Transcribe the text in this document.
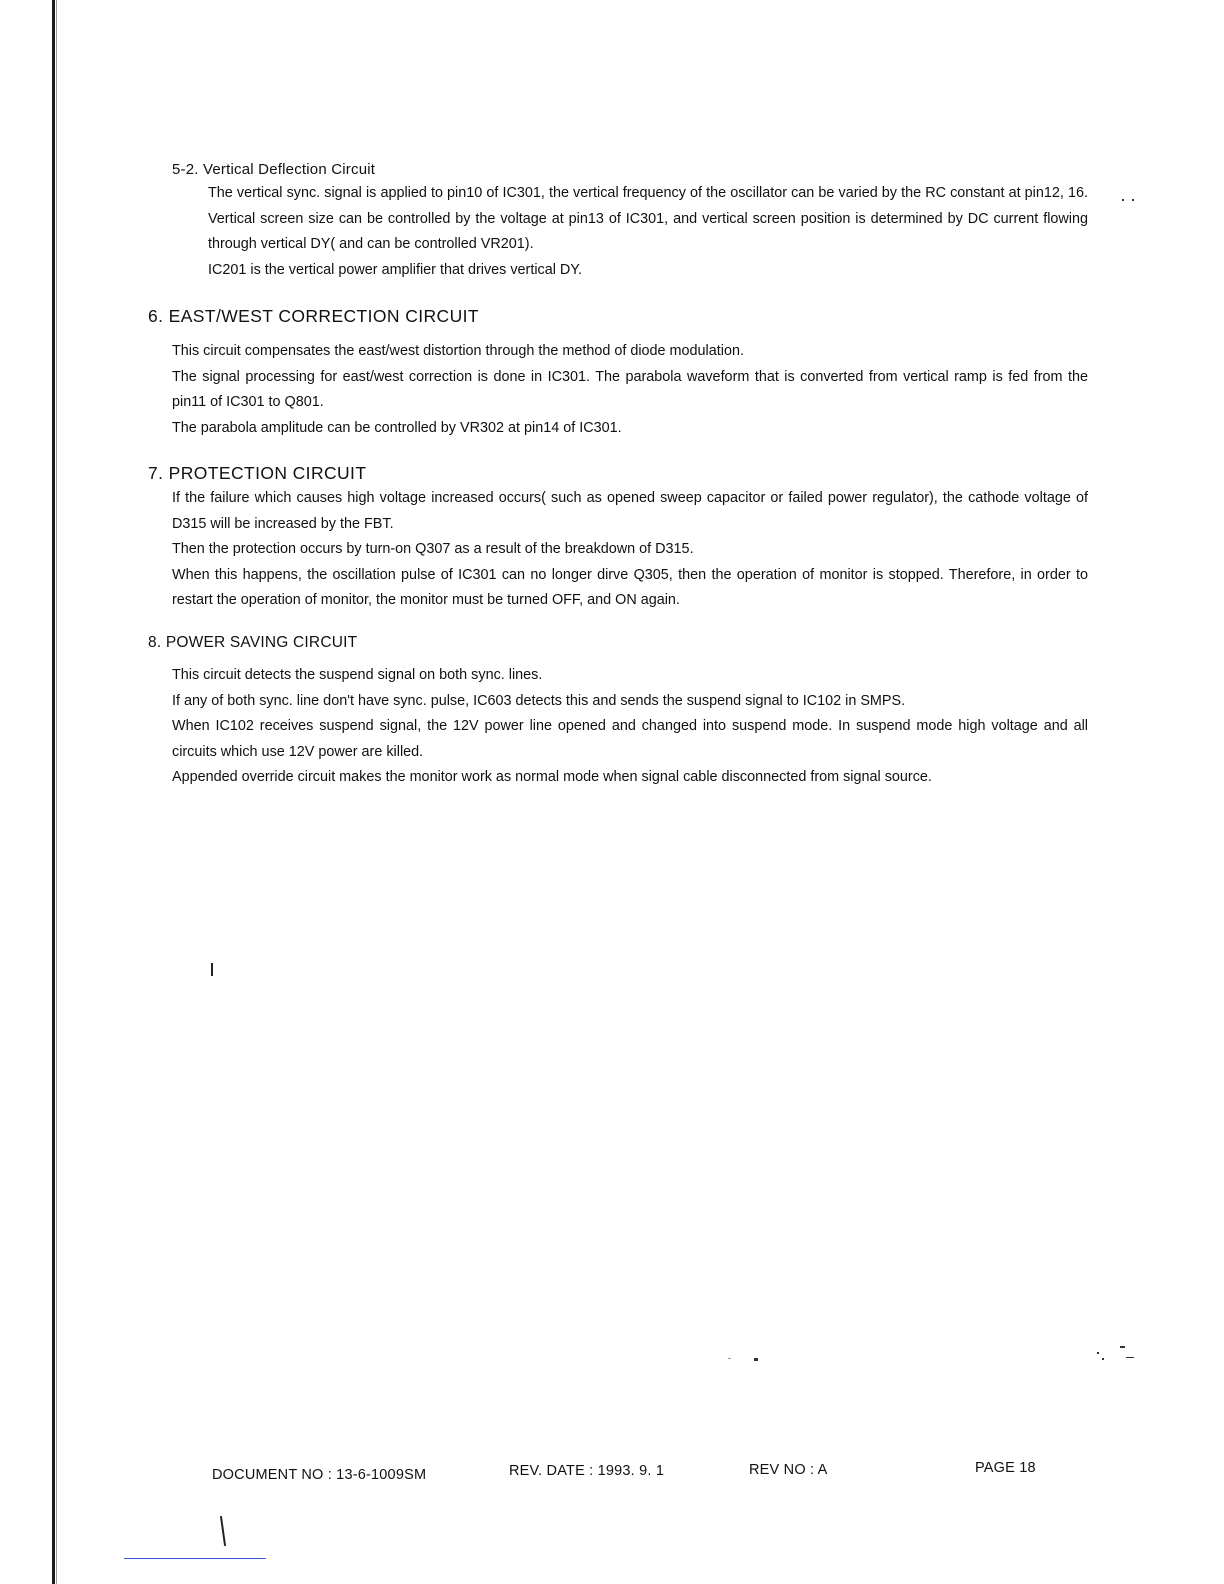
5-2. Vertical Deflection Circuit

The vertical sync. signal is applied to pin10 of IC301, the vertical frequency of the oscillator can be varied by the RC constant at pin12, 16. Vertical screen size can be controlled by the voltage at pin13 of IC301, and vertical screen position is determined by DC current flowing through vertical DY( and can be controlled VR201).

IC201 is the vertical power amplifier that drives vertical DY.

6. EAST/WEST CORRECTION CIRCUIT

This circuit compensates the east/west distortion through the method of diode modulation.

The signal processing for east/west correction is done in IC301. The parabola waveform that is converted from vertical ramp is fed from the pin11 of IC301 to Q801.

The parabola amplitude can be controlled by VR302 at pin14 of IC301.

7. PROTECTION CIRCUIT

If the failure which causes high voltage increased occurs( such as opened sweep capacitor or failed power regulator), the cathode voltage of D315 will be increased by the FBT.

Then the protection occurs by turn-on Q307 as a result of the breakdown of D315.

When this happens, the oscillation pulse of IC301 can no longer dirve Q305, then the operation of monitor is stopped. Therefore, in order to restart the operation of monitor, the monitor must be turned OFF, and ON again.

8. POWER SAVING CIRCUIT

This circuit detects the suspend signal on both sync. lines.

If any of both sync. line don't have sync. pulse, IC603 detects this and sends the suspend signal to IC102 in SMPS.

When IC102 receives suspend signal, the 12V power line opened and changed into suspend mode. In suspend mode high voltage and all circuits which use 12V power are killed.

Appended override circuit makes the monitor work as normal mode when signal cable disconnected from signal source.

DOCUMENT NO : 13-6-1009SM	REV. DATE : 1993. 9. 1	REV NO : A	PAGE 18
